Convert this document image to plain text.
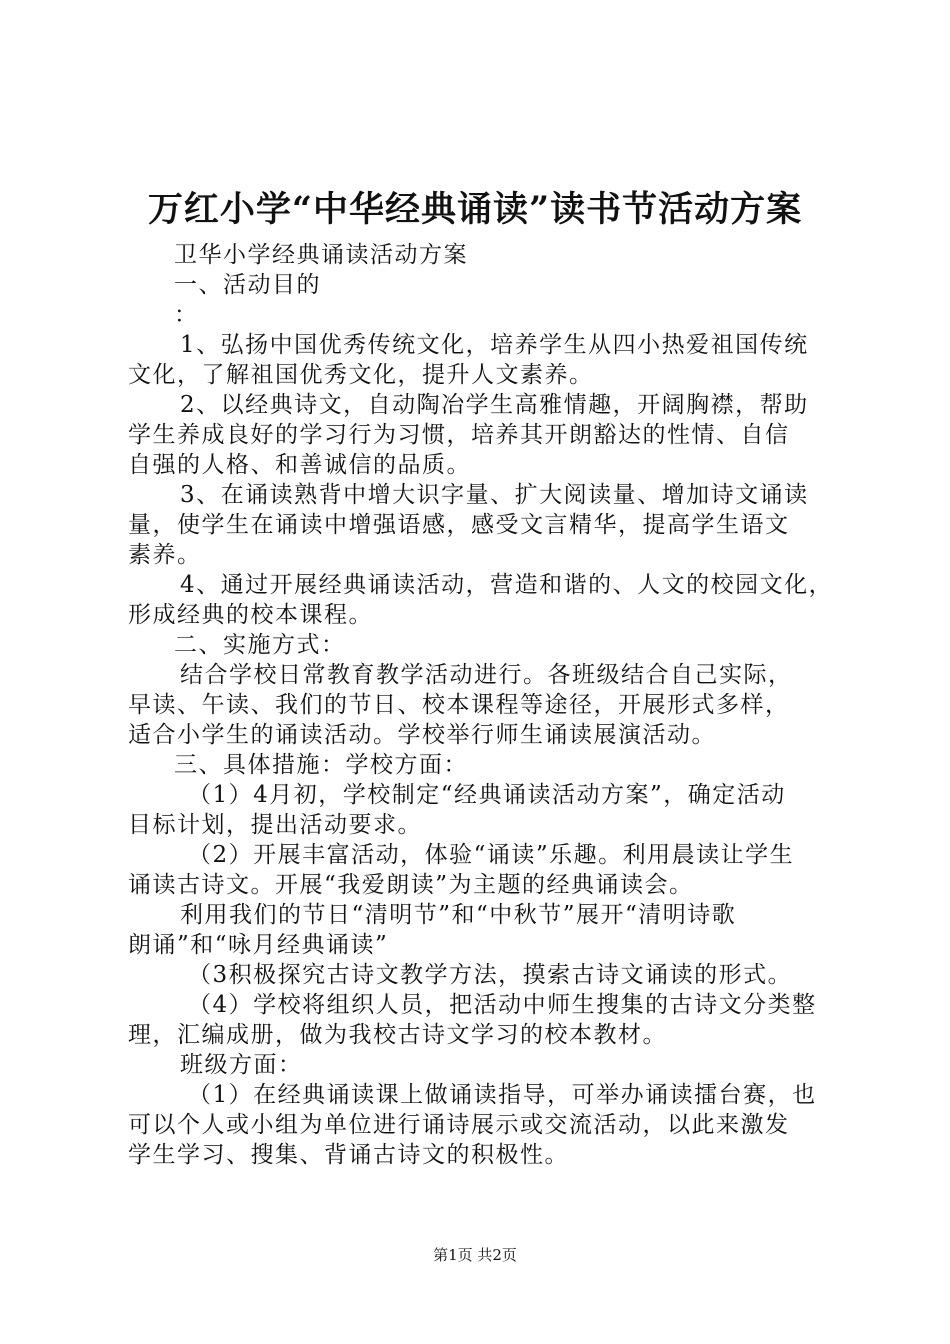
万红小学“中华经典诵读”读书节活动方案
卫华小学经典诵读活动方案
一、活动目的
：
1、弘扬中国优秀传统文化，培养学生从四小热爱祖国传统
文化，了解祖国优秀文化，提升人文素养。
2、以经典诗文，自动陶冶学生高雅情趣，开阔胸襟，帮助
学生养成良好的学习行为习惯，培养其开朗豁达的性情、自信
自强的人格、和善诚信的品质。
3、在诵读熟背中增大识字量、扩大阅读量、增加诗文诵读
量，使学生在诵读中增强语感，感受文言精华，提高学生语文
素养。
4、通过开展经典诵读活动，营造和谐的、人文的校园文化，
形成经典的校本课程。
二、实施方式：
结合学校日常教育教学活动进行。各班级结合自己实际，
早读、午读、我们的节日、校本课程等途径，开展形式多样，
适合小学生的诵读活动。学校举行师生诵读展演活动。
三、具体措施：学校方面：
（1）4月初，学校制定“经典诵读活动方案”，确定活动
目标计划，提出活动要求。
（2）开展丰富活动，体验“诵读”乐趣。利用晨读让学生
诵读古诗文。开展“我爱朗读”为主题的经典诵读会。
利用我们的节日“清明节”和“中秋节”展开“清明诗歌
朗诵”和“咏月经典诵读”
（3积极探究古诗文教学方法，摸索古诗文诵读的形式。
（4）学校将组织人员，把活动中师生搜集的古诗文分类整
理，汇编成册，做为我校古诗文学习的校本教材。
班级方面：
（1）在经典诵读课上做诵读指导，可举办诵读擂台赛，也
可以个人或小组为单位进行诵诗展示或交流活动，以此来激发
学生学习、搜集、背诵古诗文的积极性。
第1页 共2页
